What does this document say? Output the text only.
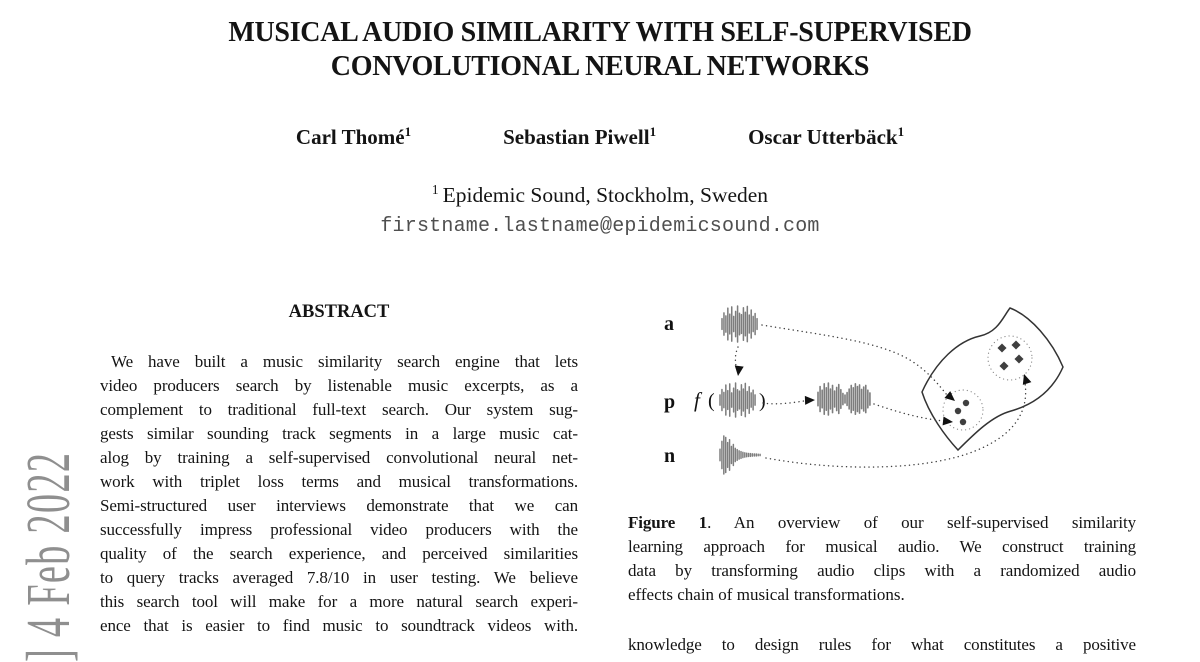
] 4 Feb 2022
MUSICAL AUDIO SIMILARITY WITH SELF-SUPERVISED
CONVOLUTIONAL NEURAL NETWORKS
Carl Thomé$^1$	Sebastian Piwell$^1$	Oscar Utterbäck$^1$
$^1$ Epidemic Sound, Stockholm, Sweden
firstname.lastname@epidemicsound.com
ABSTRACT
We have built a music similarity search engine that lets
video producers search by listenable music excerpts, as a
complement to traditional full-text search. Our system sug-
gests similar sounding track segments in a large music cat-
alog by training a self-supervised convolutional neural net-
work with triplet loss terms and musical transformations.
Semi-structured user interviews demonstrate that we can
successfully impress professional video producers with the
quality of the search experience, and perceived similarities
to query tracks averaged 7.8/10 in user testing. We believe
this search tool will make for a more natural search experi-
ence that is easier to find music to soundtrack videos with.
a
p
n
f ( )
Figure 1. An overview of our self-supervised similarity
learning approach for musical audio. We construct training
data by transforming audio clips with a randomized audio
effects chain of musical transformations.

knowledge to design rules for what constitutes a positive
